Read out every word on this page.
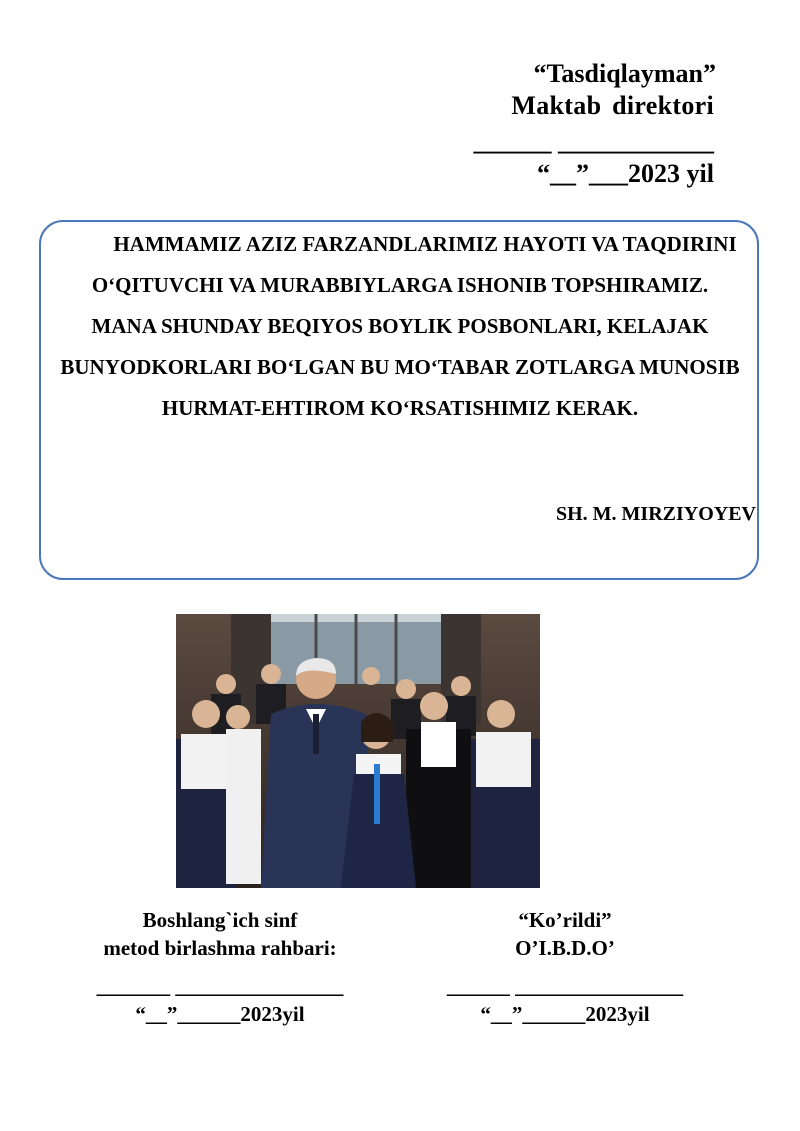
“Tasdiqlayman”
Maktab direktori
______ ____________
“__”___2023 yil
HAMMAMIZ AZIZ FARZANDLARIMIZ HAYOTI VA TAQDIRINI O‘QITUVCHI VA MURABBIYLARGA ISHONIB TOPSHIRAMIZ. MANA SHUNDAY BEQIYOS BOYLIK POSBONLARI, KELAJAK BUNYODKORLARI BO‘LGAN BU MO‘TABAR ZOTLARGA MUNOSIB HURMAT-EHTIROM KO‘RSATISHIMIZ KERAK.
SH. M. MIRZIYOYEV
Boshlang`ich sinf
metod birlashma rahbari:
_______ ________________
“__”______2023yil
“Ko’rildi”
O’I.B.D.O’
______ ________________
“__”______2023yil
